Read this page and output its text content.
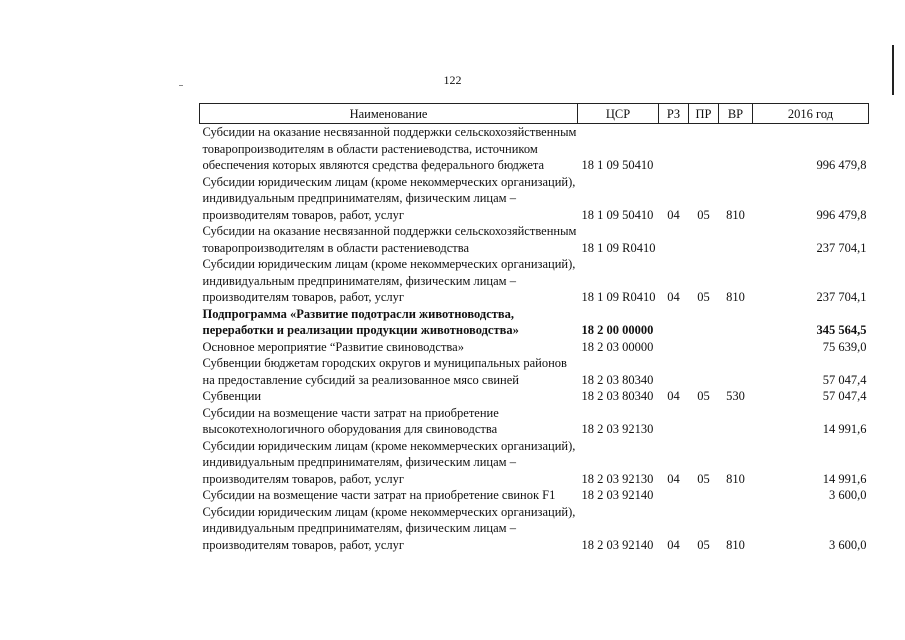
122
Наименование	ЦСР	РЗ	ПР	ВР	2016 год
Субсидии на оказание несвязанной поддержки сельскохозяйственным товаропроизводителям в области растениеводства, источником обеспечения которых являются средства федерального бюджета	18 1 09 50410				996 479,8
Субсидии юридическим лицам (кроме некоммерческих организаций), индивидуальным предпринимателям, физическим лицам – производителям товаров, работ, услуг	18 1 09 50410	04	05	810	996 479,8
Субсидии на оказание несвязанной поддержки сельскохозяйственным товаропроизводителям в области растениеводства	18 1 09 R0410				237 704,1
Субсидии юридическим лицам (кроме некоммерческих организаций), индивидуальным предпринимателям, физическим лицам – производителям товаров, работ, услуг	18 1 09 R0410	04	05	810	237 704,1
Подпрограмма «Развитие подотрасли животноводства, переработки и реализации продукции животноводства»	18 2 00 00000				345 564,5
Основное мероприятие “Развитие свиноводства»	18 2 03 00000				75 639,0
Субвенции бюджетам городских округов и муниципальных районов на предоставление субсидий за реализованное мясо свиней	18 2 03 80340				57 047,4
Субвенции	18 2 03 80340	04	05	530	57 047,4
Субсидии на возмещение части затрат на приобретение высокотехнологичного оборудования для свиноводства	18 2 03 92130				14 991,6
Субсидии юридическим лицам (кроме некоммерческих организаций), индивидуальным предпринимателям, физическим лицам – производителям товаров, работ, услуг	18 2 03 92130	04	05	810	14 991,6
Субсидии на возмещение части затрат на приобретение свинок F1	18 2 03 92140				3 600,0
Субсидии юридическим лицам (кроме некоммерческих организаций), индивидуальным предпринимателям, физическим лицам – производителям товаров, работ, услуг	18 2 03 92140	04	05	810	3 600,0
